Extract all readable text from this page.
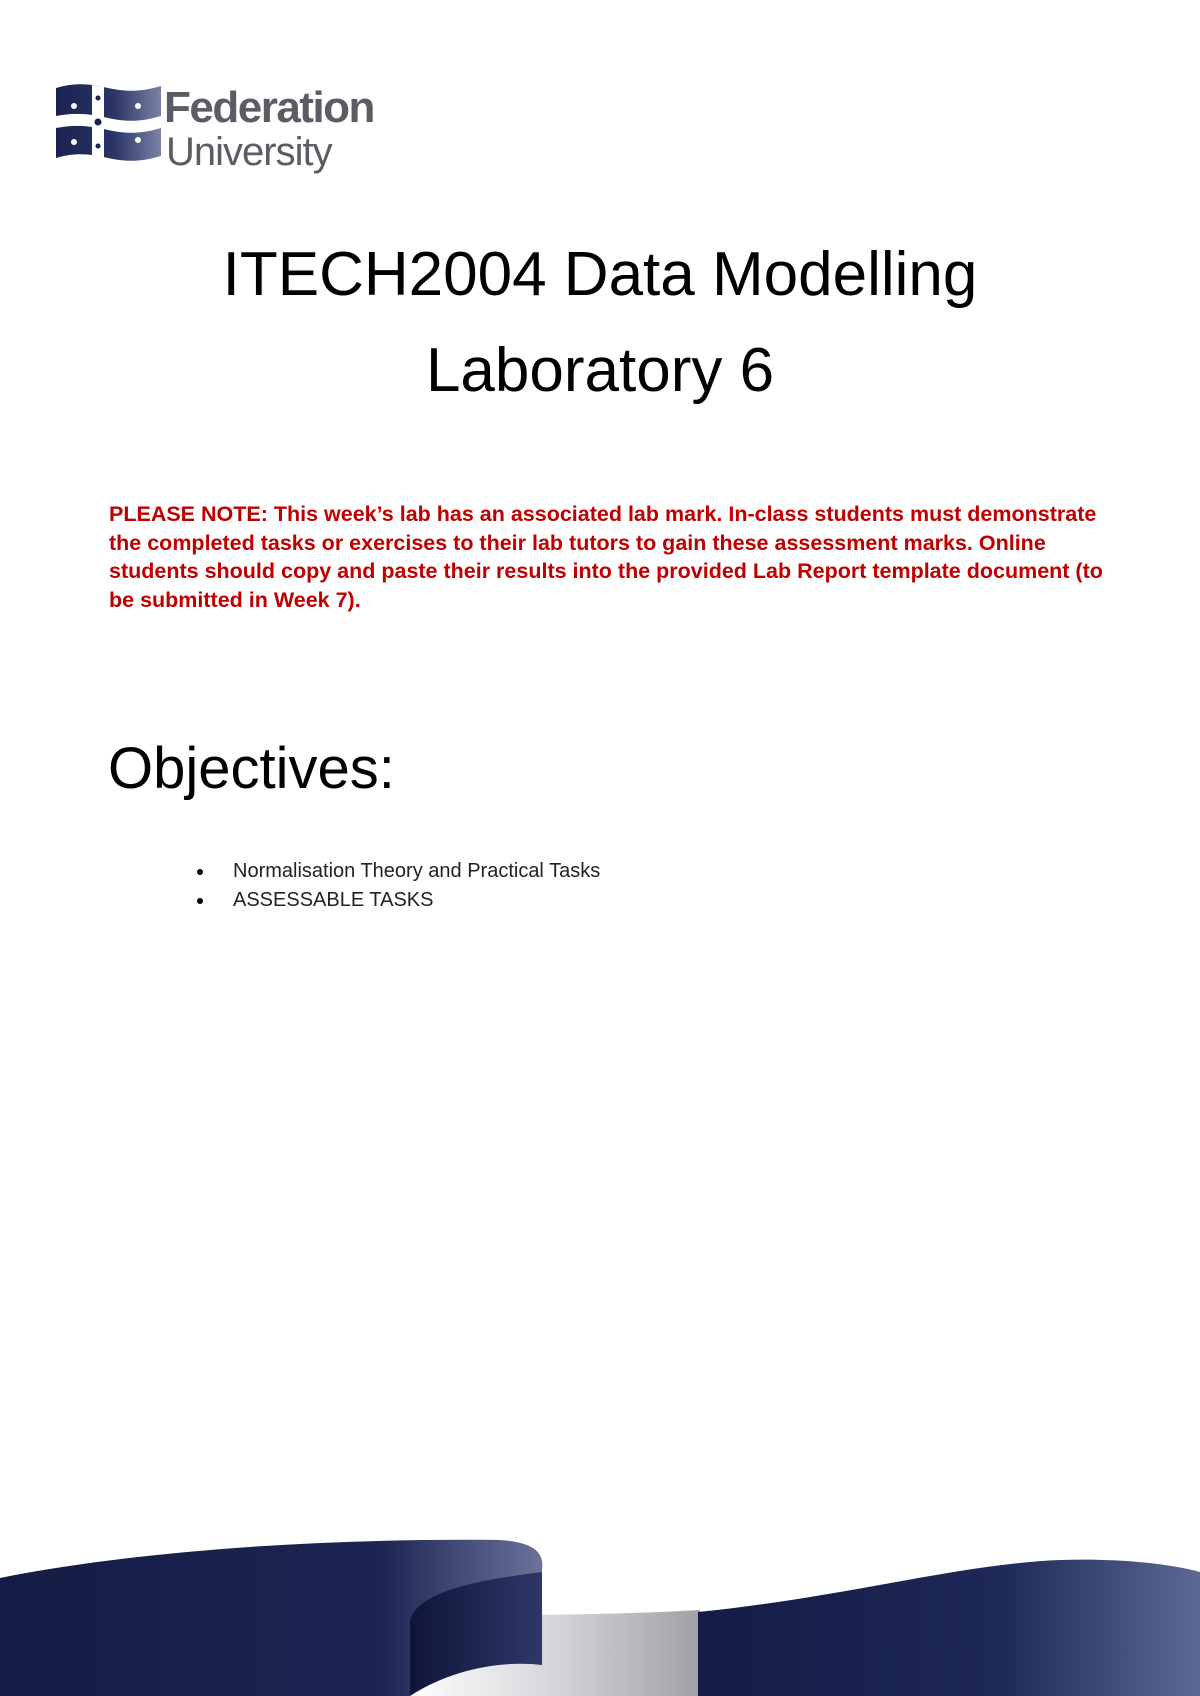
Federation
University
ITECH2004 Data Modelling
Laboratory 6
PLEASE NOTE: This week’s lab has an associated lab mark. In-class students must demonstrate the completed tasks or exercises to their lab tutors to gain these assessment marks. Online students should copy and paste their results into the provided Lab Report template document (to be submitted in Week 7).
Objectives:
Normalisation Theory and Practical Tasks
ASSESSABLE TASKS
